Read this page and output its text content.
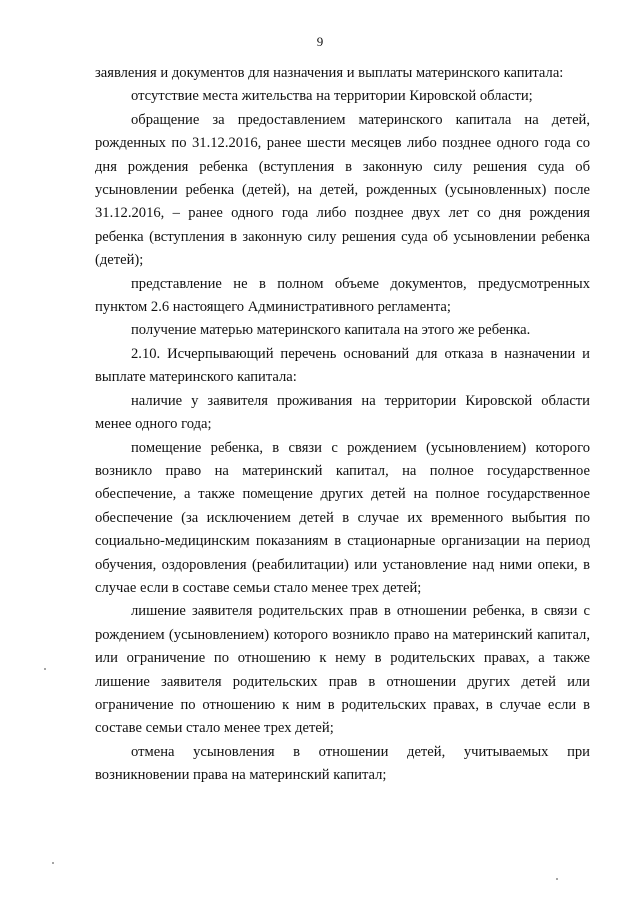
9

заявления и документов для назначения и выплаты материнского капитала:

отсутствие места жительства на территории Кировской области;

обращение за предоставлением материнского капитала на детей, рожденных по 31.12.2016, ранее шести месяцев либо позднее одного года со дня рождения ребенка (вступления в законную силу решения суда об усыновлении ребенка (детей), на детей, рожденных (усыновленных) после 31.12.2016, – ранее одного года либо позднее двух лет со дня рождения ребенка (вступления в законную силу решения суда об усыновлении ребенка (детей);

представление не в полном объеме документов, предусмотренных пунктом 2.6 настоящего Административного регламента;

получение матерью материнского капитала на этого же ребенка.

2.10. Исчерпывающий перечень оснований для отказа в назначении и выплате материнского капитала:

наличие у заявителя проживания на территории Кировской области менее одного года;

помещение ребенка, в связи с рождением (усыновлением) которого возникло право на материнский капитал, на полное государственное обеспечение, а также помещение других детей на полное государственное обеспечение (за исключением детей в случае их временного выбытия по социально-медицинским показаниям в стационарные организации на период обучения, оздоровления (реабилитации) или установление над ними опеки, в случае если в составе семьи стало менее трех детей;

лишение заявителя родительских прав в отношении ребенка, в связи с рождением (усыновлением) которого возникло право на материнский капитал, или ограничение по отношению к нему в родительских правах, а также лишение заявителя родительских прав в отношении других детей или ограничение по отношению к ним в родительских правах, в случае если в составе семьи стало менее трех детей;

отмена усыновления в отношении детей, учитываемых при возникновении права на материнский капитал;
